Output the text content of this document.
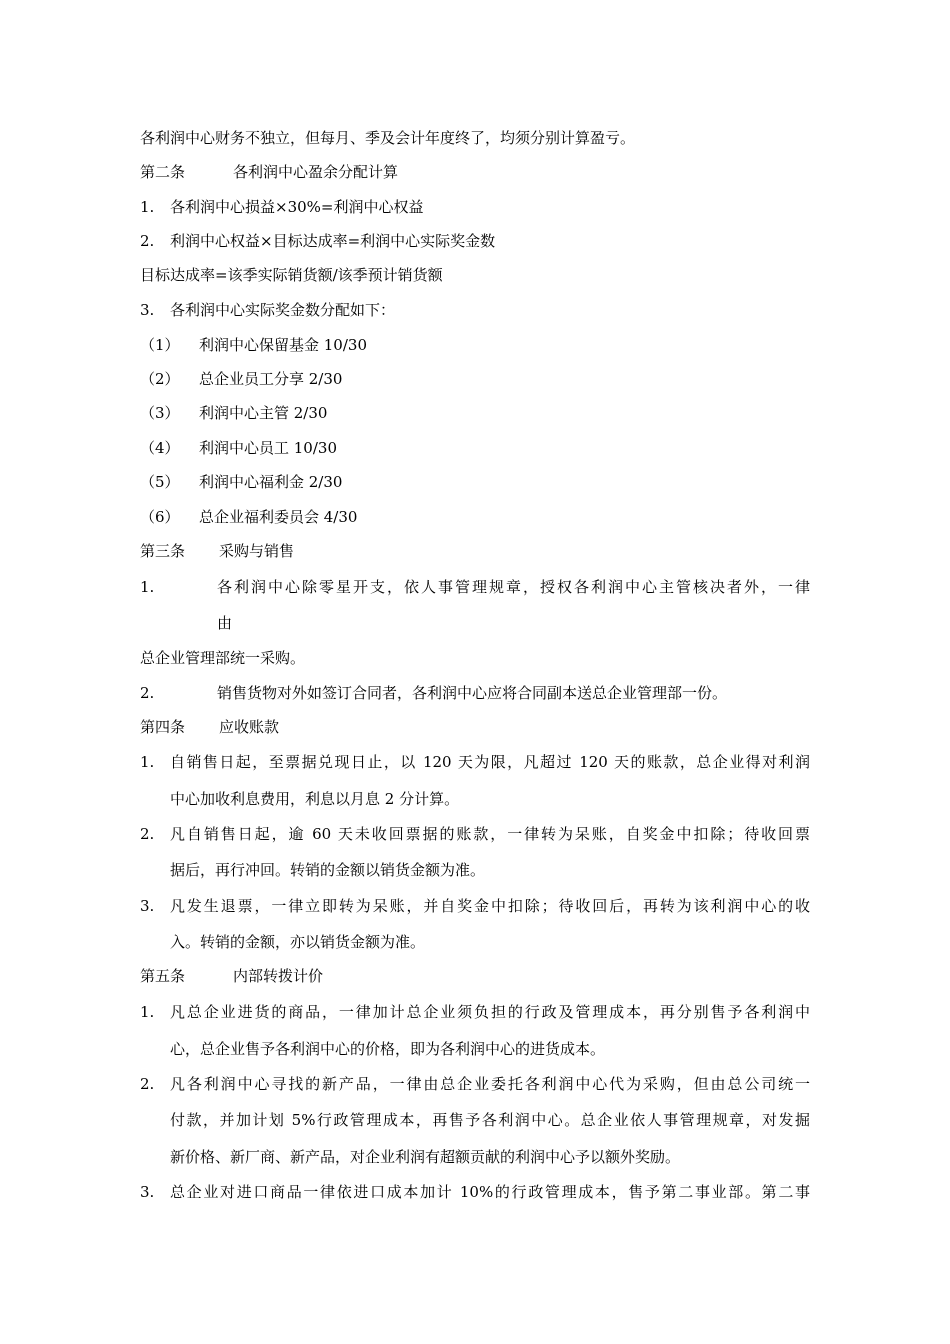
各利润中心财务不独立，但每月、季及会计年度终了，均须分别计算盈亏。
第二条	各利润中心盈余分配计算
1. 各利润中心损益×30%=利润中心权益
2. 利润中心权益×目标达成率=利润中心实际奖金数
目标达成率=该季实际销货额/该季预计销货额
3. 各利润中心实际奖金数分配如下：
（1） 利润中心保留基金 10/30
（2） 总企业员工分享 2/30
（3） 利润中心主管 2/30
（4） 利润中心员工 10/30
（5） 利润中心福利金 2/30
（6） 总企业福利委员会 4/30
第三条 采购与销售
1.	各利润中心除零星开支，依人事管理规章，授权各利润中心主管核决者外，一律
由
总企业管理部统一采购。
2.	销售货物对外如签订合同者，各利润中心应将合同副本送总企业管理部一份。
第四条 应收账款
1. 自销售日起，至票据兑现日止，以 120 天为限，凡超过 120 天的账款，总企业得对利润
中心加收利息费用，利息以月息 2 分计算。
2. 凡自销售日起，逾 60 天未收回票据的账款，一律转为呆账，自奖金中扣除；待收回票
据后，再行冲回。转销的金额以销货金额为准。
3. 凡发生退票，一律立即转为呆账，并自奖金中扣除；待收回后，再转为该利润中心的收
入。转销的金额，亦以销货金额为准。
第五条	内部转拨计价
1. 凡总企业进货的商品，一律加计总企业须负担的行政及管理成本，再分别售予各利润中
心，总企业售予各利润中心的价格，即为各利润中心的进货成本。
2. 凡各利润中心寻找的新产品，一律由总企业委托各利润中心代为采购，但由总公司统一
付款，并加计划 5%行政管理成本，再售予各利润中心。总企业依人事管理规章，对发掘
新价格、新厂商、新产品，对企业利润有超额贡献的利润中心予以额外奖励。
3. 总企业对进口商品一律依进口成本加计 10%的行政管理成本，售予第二事业部。第二事
